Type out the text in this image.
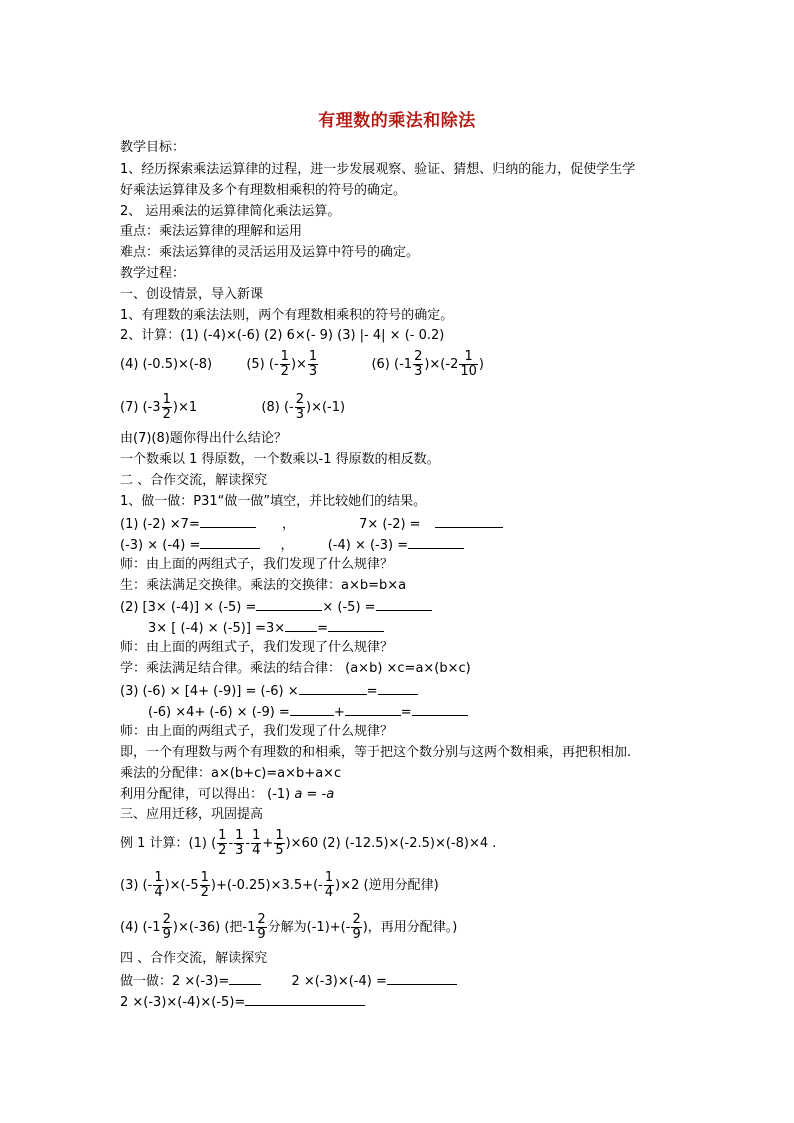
有理数的乘法和除法
教学目标：
1、经历探索乘法运算律的过程，进一步发展观察、验证、猜想、归纳的能力，促使学生学
好乘法运算律及多个有理数相乘积的符号的确定。
2、 运用乘法的运算律简化乘法运算。
重点：乘法运算律的理解和运用
难点：乘法运算律的灵活运用及运算中符号的确定。
教学过程：
一、创设情景，导入新课
1、有理数的乘法法则，两个有理数相乘积的符号的确定。
2、计算：(1) (-4)×(-6) (2) 6×(- 9) (3) |- 4| × (- 0.2)
(4) (-0.5)×(-8)	(5) (- $\frac{1}{2}$ )× $\frac{1}{3}$	(6) $(-1 \frac{2}{3} )\times(-2 \frac{1}{10}$ )
(7) $(-3 \frac{1}{2} )\times 1$	(8) (- $\frac{2}{3} )\times(-1)$
由(7)(8)题你得出什么结论？
一个数乘以 1 得原数，一个数乘以-1 得原数的相反数。
二 、合作交流，解读探究
1、做一做：P31“做一做”填空，并比较她们的结果。
(1) (-2) ×7=	，	7× (-2) =
(-3) × (-4) =	，	(-4) × (-3) =
师：由上面的两组式子，我们发现了什么规律？
生：乘法满足交换律。乘法的交换律：a×b=b×a
(2) [3× (-4)] × (-5) =	× (-5) =
3× [ (-4) × (-5)] =3× =
师：由上面的两组式子，我们发现了什么规律？
学：乘法满足结合律。乘法的结合律： (a×b) ×c=a×(b×c)
(3) (-6) × [4+ (-9)] = (-6) ×	=
(-6) ×4+ (-6) × (-9) =	+	=
师：由上面的两组式子，我们发现了什么规律？
即，一个有理数与两个有理数的和相乘，等于把这个数分别与这两个数相乘，再把积相加.
乘法的分配律：a×(b+c)=a×b+a×c
利用分配律，可以得出： (-1) a = -a
三、应用迁移，巩固提高
例 1 计算：(1) ( $\frac{1}{2} - \frac{1}{3} - \frac{1}{4} + \frac{1}{5} )\times 60$ (2) (-12.5)×(-2.5)×(-8)×4 .
(3) (- $\frac{1}{4} )\times(-5 \frac{1}{2} )+(-0.25)\times 3.5+(- \frac{1}{4} )\times 2$ (逆用分配律)
(4) $(-1 \frac{2}{9} )\times(-36)$ (把$-1 \frac{2}{9}$ 分解为$(-1)+(- \frac{2}{9}$ )，再用分配律。)
四 、合作交流，解读探究
做一做：2 ×(-3)=	2 ×(-3)×(-4) =
2 ×(-3)×(-4)×(-5)=
